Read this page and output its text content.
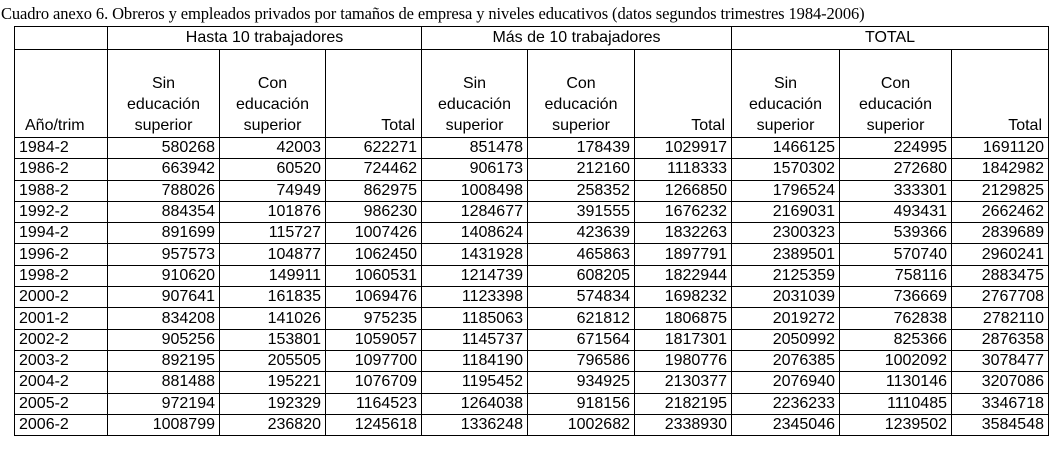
Cuadro anexo 6. Obreros y empleados privados por tamaños de empresa y niveles educativos (datos segundos trimestres 1984-2006)
	Hasta 10 trabajadores			Más de 10 trabajadores			TOTAL		
Año/trim	Sin
educación
superior	Con
educación
superior	Total	Sin
educación
superior	Con
educación
superior	Total	Sin
educación
superior	Con
educación
superior	Total
1984-2	580268	42003	622271	851478	178439	1029917	1466125	224995	1691120
1986-2	663942	60520	724462	906173	212160	1118333	1570302	272680	1842982
1988-2	788026	74949	862975	1008498	258352	1266850	1796524	333301	2129825
1992-2	884354	101876	986230	1284677	391555	1676232	2169031	493431	2662462
1994-2	891699	115727	1007426	1408624	423639	1832263	2300323	539366	2839689
1996-2	957573	104877	1062450	1431928	465863	1897791	2389501	570740	2960241
1998-2	910620	149911	1060531	1214739	608205	1822944	2125359	758116	2883475
2000-2	907641	161835	1069476	1123398	574834	1698232	2031039	736669	2767708
2001-2	834208	141026	975235	1185063	621812	1806875	2019272	762838	2782110
2002-2	905256	153801	1059057	1145737	671564	1817301	2050992	825366	2876358
2003-2	892195	205505	1097700	1184190	796586	1980776	2076385	1002092	3078477
2004-2	881488	195221	1076709	1195452	934925	2130377	2076940	1130146	3207086
2005-2	972194	192329	1164523	1264038	918156	2182195	2236233	1110485	3346718
2006-2	1008799	236820	1245618	1336248	1002682	2338930	2345046	1239502	3584548
